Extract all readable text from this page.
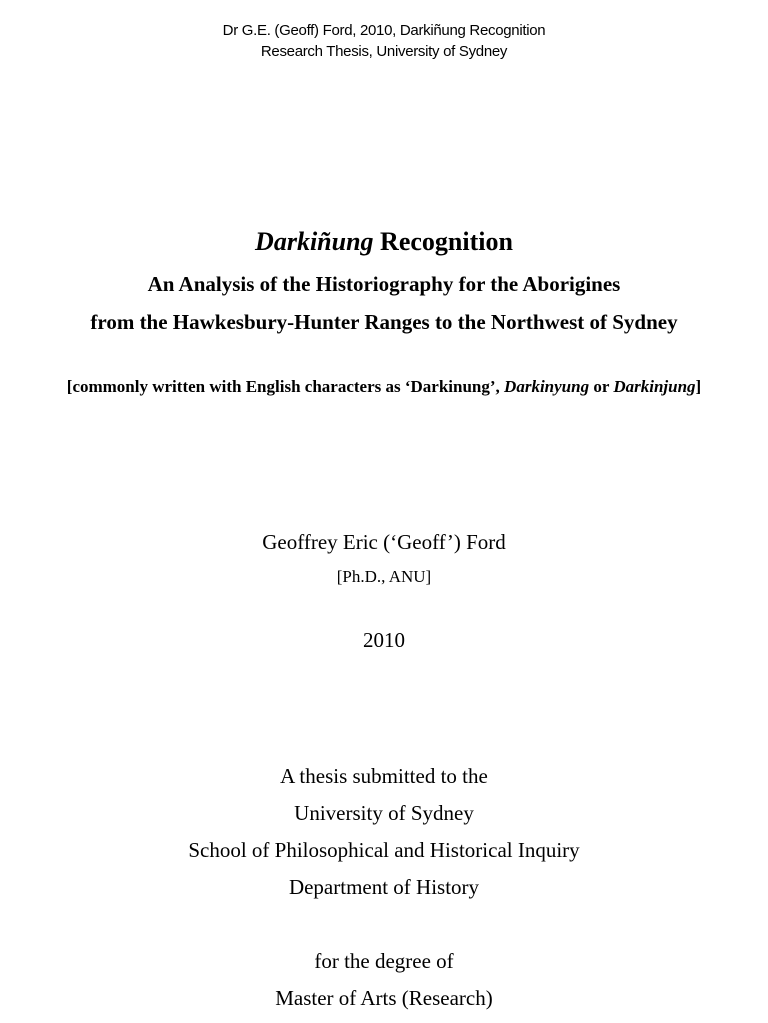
Dr G.E. (Geoff) Ford, 2010, Darkiñung Recognition
Research Thesis, University of Sydney
Darkiñung Recognition
An Analysis of the Historiography for the Aborigines
from the Hawkesbury-Hunter Ranges to the Northwest of Sydney
[commonly written with English characters as ‘Darkinung’, Darkinyung or Darkinjung]
Geoffrey Eric (‘Geoff’) Ford
[Ph.D., ANU]
2010
A thesis submitted to the
University of Sydney
School of Philosophical and Historical Inquiry
Department of History
for the degree of
Master of Arts (Research)
